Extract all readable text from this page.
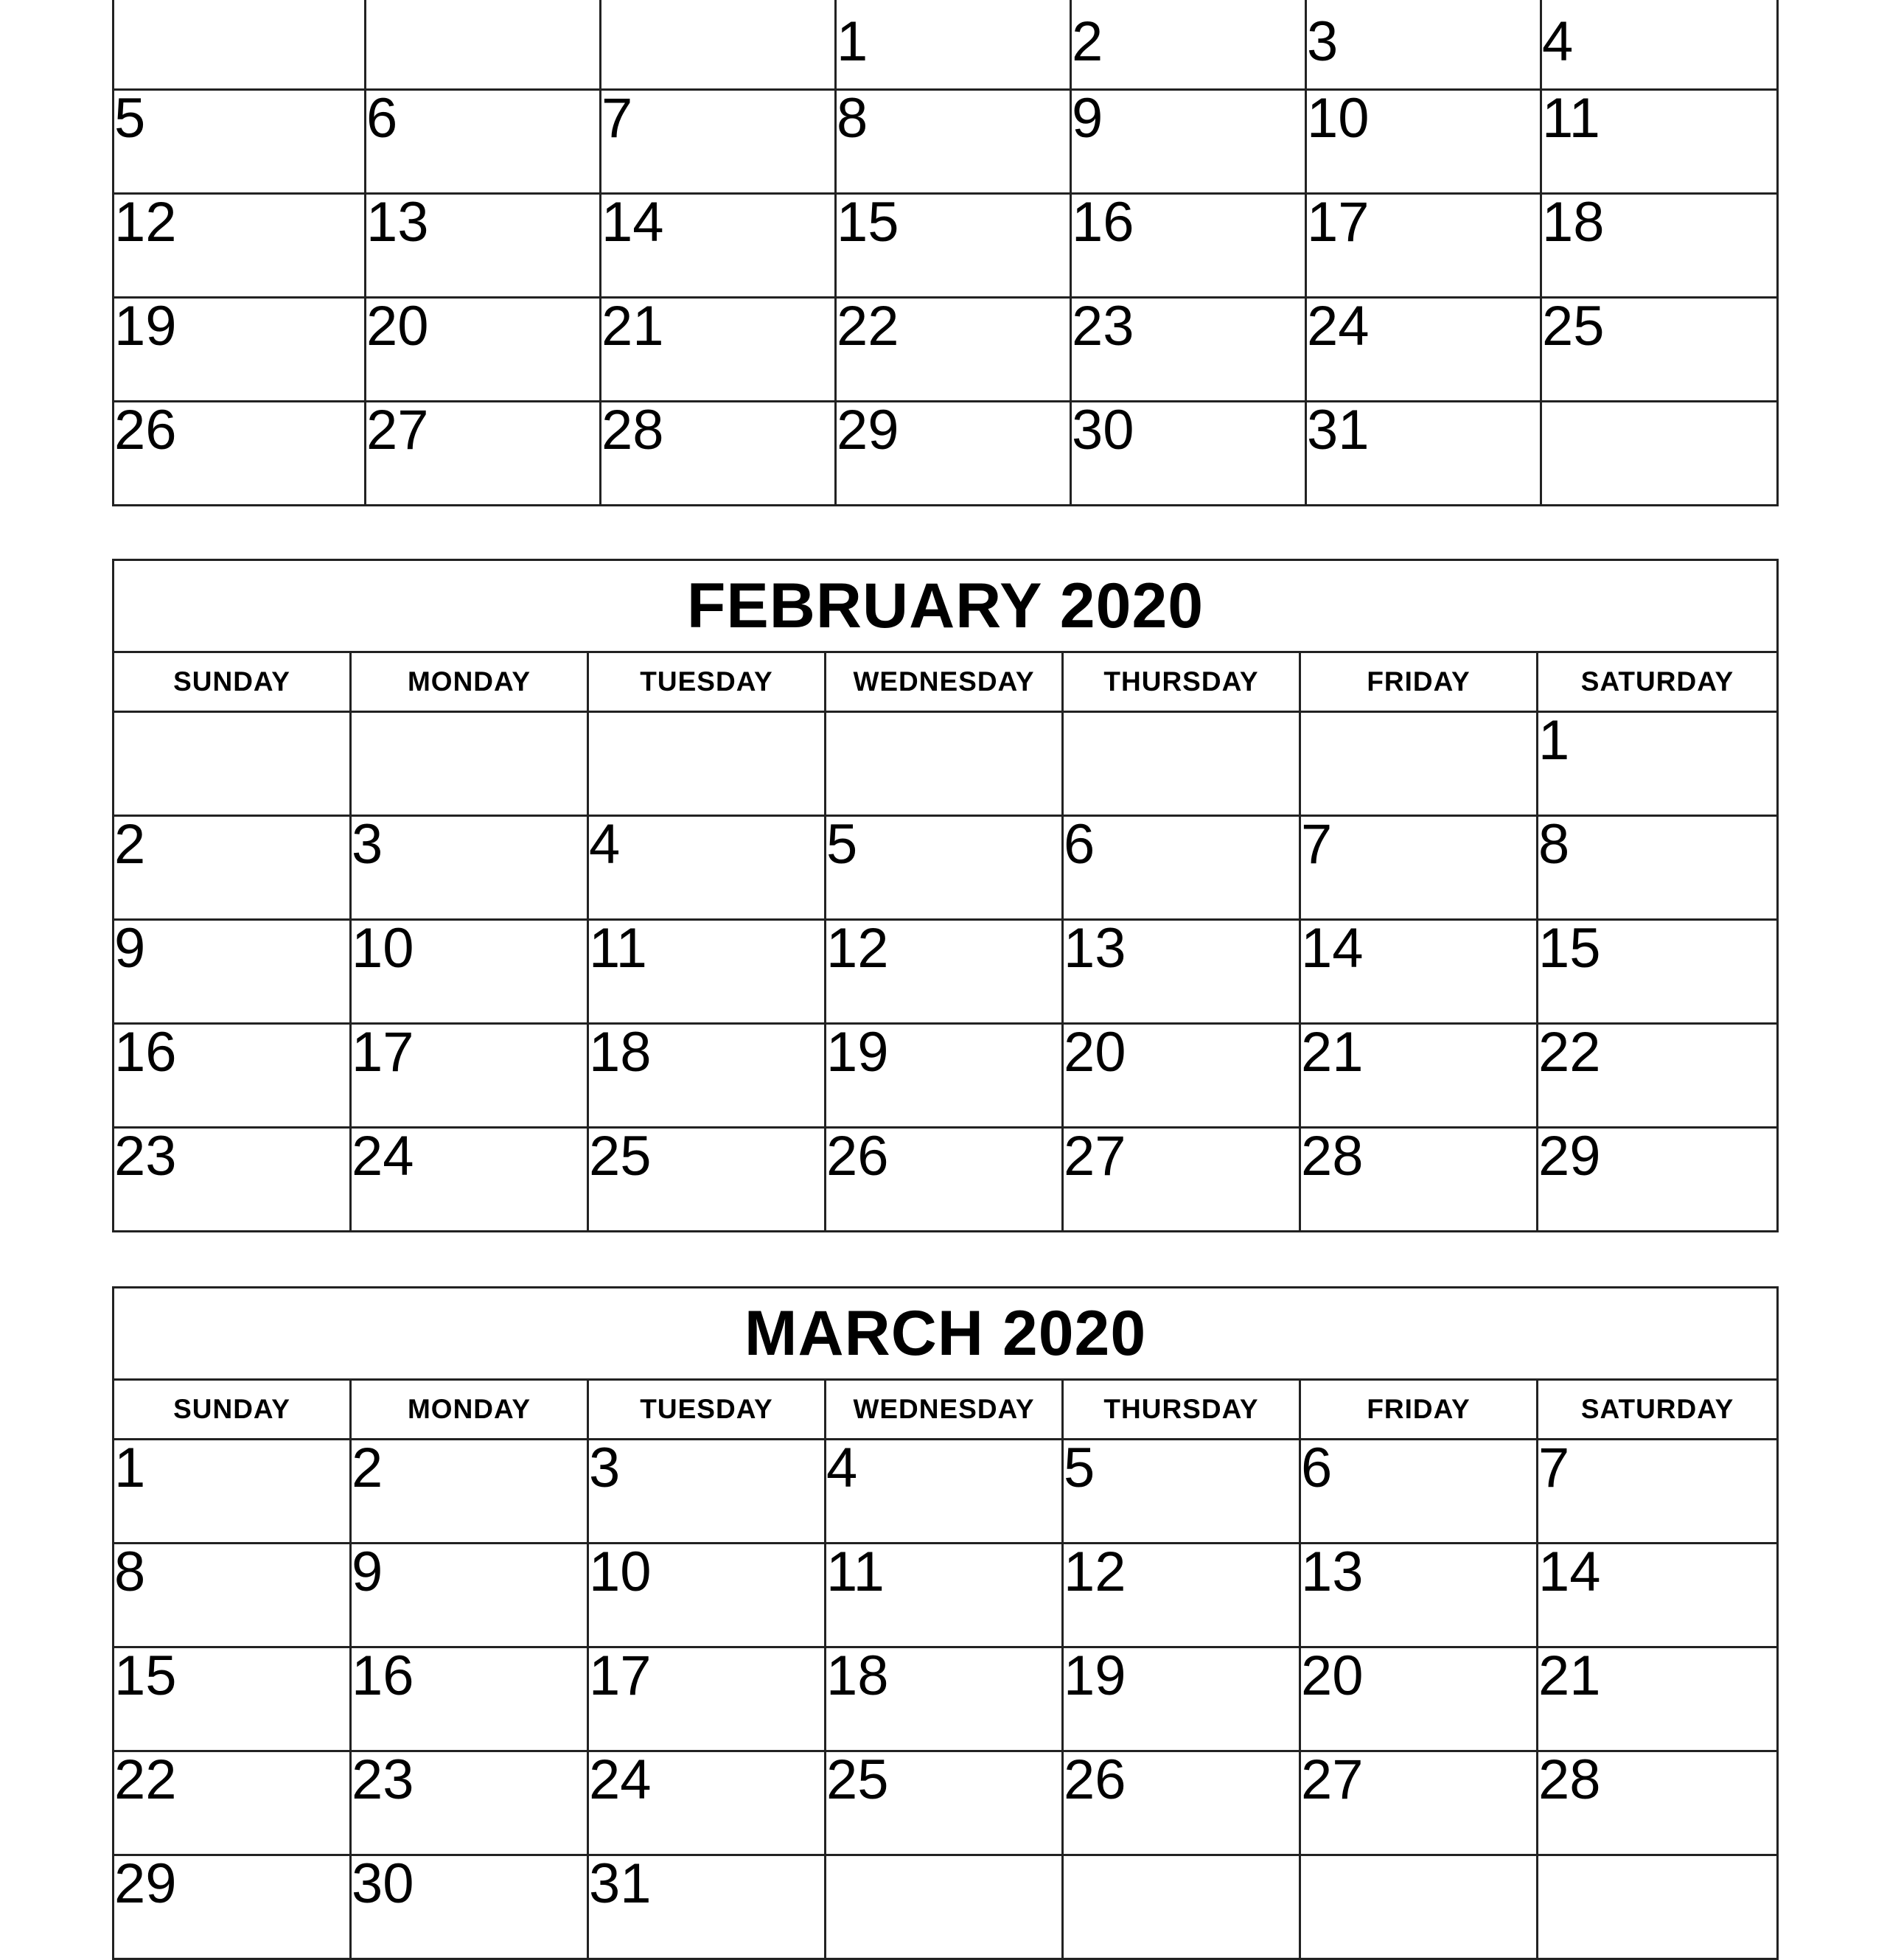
			1	2	3	4
5	6	7	8	9	10	11
12	13	14	15	16	17	18
19	20	21	22	23	24	25
26	27	28	29	30	31	
FEBRUARY 2020						
SUNDAY	MONDAY	TUESDAY	WEDNESDAY	THURSDAY	FRIDAY	SATURDAY
						1
2	3	4	5	6	7	8
9	10	11	12	13	14	15
16	17	18	19	20	21	22
23	24	25	26	27	28	29
MARCH 2020						
SUNDAY	MONDAY	TUESDAY	WEDNESDAY	THURSDAY	FRIDAY	SATURDAY
1	2	3	4	5	6	7
8	9	10	11	12	13	14
15	16	17	18	19	20	21
22	23	24	25	26	27	28
29	30	31				
